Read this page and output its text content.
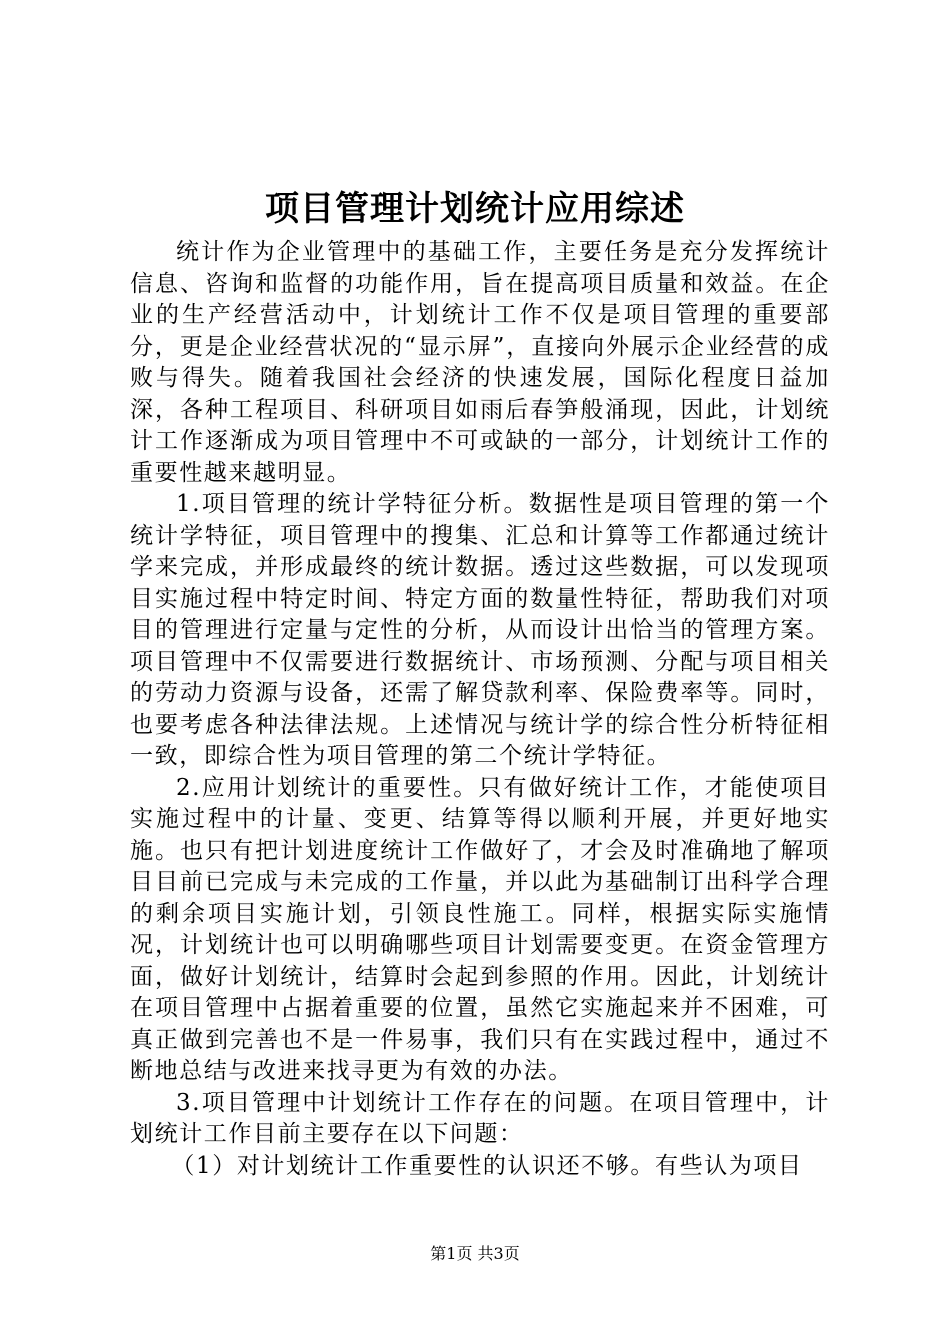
项目管理计划统计应用综述

统计作为企业管理中的基础工作，主要任务是充分发挥统计信息、咨询和监督的功能作用，旨在提高项目质量和效益。在企业的生产经营活动中，计划统计工作不仅是项目管理的重要部分，更是企业经营状况的“显示屏”，直接向外展示企业经营的成败与得失。随着我国社会经济的快速发展，国际化程度日益加深，各种工程项目、科研项目如雨后春笋般涌现，因此，计划统计工作逐渐成为项目管理中不可或缺的一部分，计划统计工作的重要性越来越明显。

1.项目管理的统计学特征分析。数据性是项目管理的第一个统计学特征，项目管理中的搜集、汇总和计算等工作都通过统计学来完成，并形成最终的统计数据。透过这些数据，可以发现项目实施过程中特定时间、特定方面的数量性特征，帮助我们对项目的管理进行定量与定性的分析，从而设计出恰当的管理方案。项目管理中不仅需要进行数据统计、市场预测、分配与项目相关的劳动力资源与设备，还需了解贷款利率、保险费率等。同时，也要考虑各种法律法规。上述情况与统计学的综合性分析特征相一致，即综合性为项目管理的第二个统计学特征。

2.应用计划统计的重要性。只有做好统计工作，才能使项目实施过程中的计量、变更、结算等得以顺利开展，并更好地实施。也只有把计划进度统计工作做好了，才会及时准确地了解项目目前已完成与未完成的工作量，并以此为基础制订出科学合理的剩余项目实施计划，引领良性施工。同样，根据实际实施情况，计划统计也可以明确哪些项目计划需要变更。在资金管理方面，做好计划统计，结算时会起到参照的作用。因此，计划统计在项目管理中占据着重要的位置，虽然它实施起来并不困难，可真正做到完善也不是一件易事，我们只有在实践过程中，通过不断地总结与改进来找寻更为有效的办法。

3.项目管理中计划统计工作存在的问题。在项目管理中，计划统计工作目前主要存在以下问题：

（1）对计划统计工作重要性的认识还不够。有些认为项目

第1页 共3页
